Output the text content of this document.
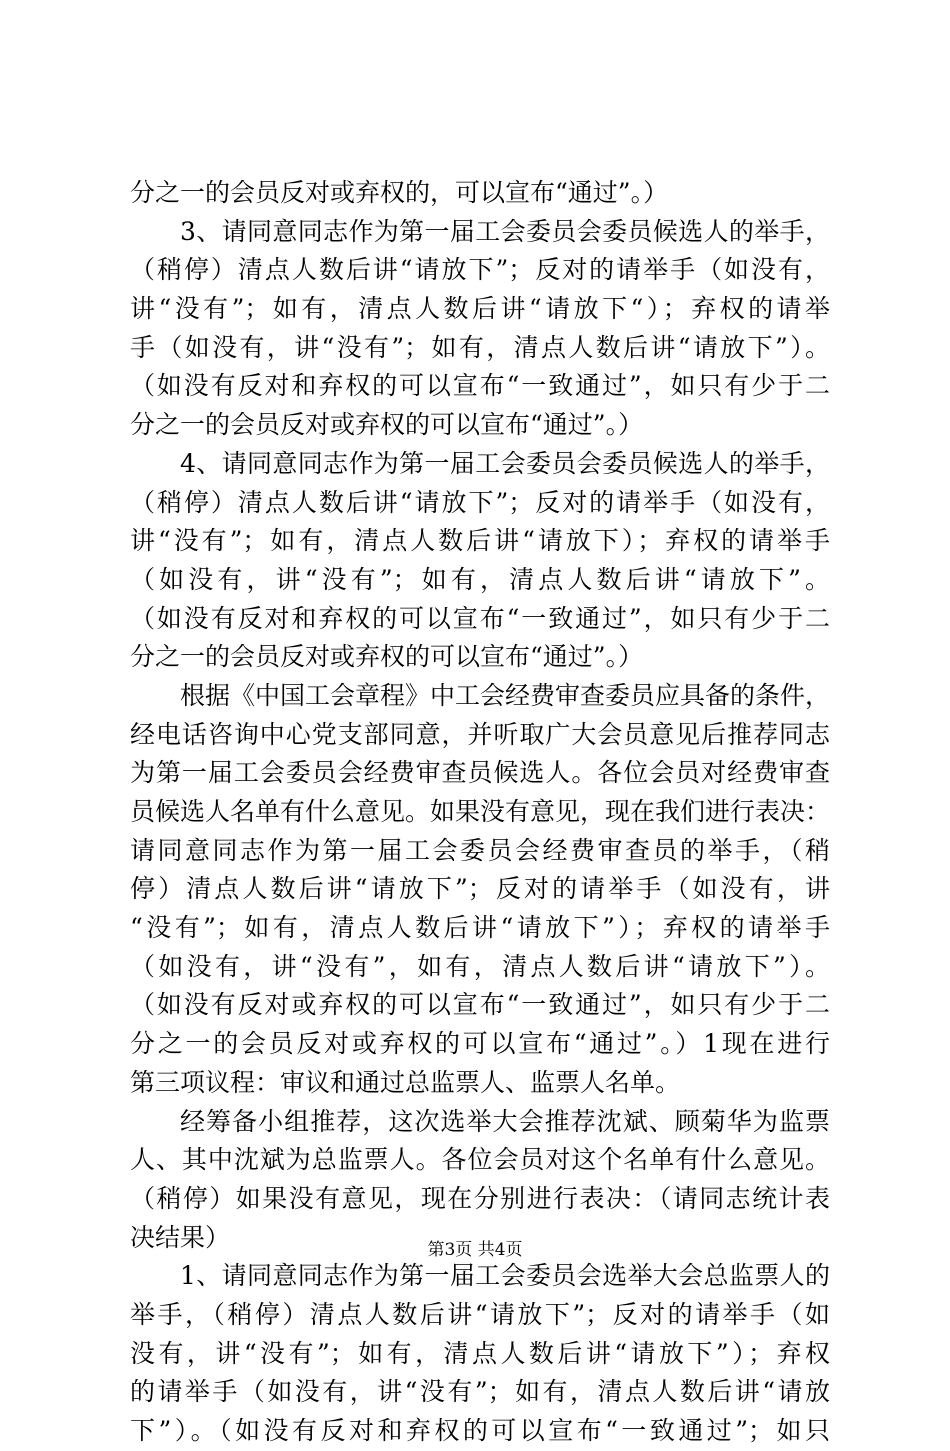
分之一的会员反对或弃权的，可以宣布“通过”。）
3、请同意同志作为第一届工会委员会委员候选人的举手，
（稍停）清点人数后讲“请放下”；反对的请举手（如没有，
讲“没有”；如有，清点人数后讲“请放下“）；弃权的请举
手（如没有，讲“没有”；如有，清点人数后讲“请放下”）。
（如没有反对和弃权的可以宣布“一致通过”，如只有少于二
分之一的会员反对或弃权的可以宣布“通过”。）
4、请同意同志作为第一届工会委员会委员候选人的举手，
（稍停）清点人数后讲“请放下”；反对的请举手（如没有，
讲“没有”；如有，清点人数后讲“请放下）；弃权的请举手
（如没有，讲“没有”；如有，清点人数后讲“请放下”。
（如没有反对和弃权的可以宣布“一致通过”，如只有少于二
分之一的会员反对或弃权的可以宣布“通过”。）
根据《中国工会章程》中工会经费审查委员应具备的条件，
经电话咨询中心党支部同意，并听取广大会员意见后推荐同志
为第一届工会委员会经费审查员候选人。各位会员对经费审查
员候选人名单有什么意见。如果没有意见，现在我们进行表决：
请同意同志作为第一届工会委员会经费审查员的举手，（稍
停）清点人数后讲“请放下”；反对的请举手（如没有，讲
“没有”；如有，清点人数后讲“请放下”）；弃权的请举手
（如没有，讲“没有”，如有，清点人数后讲“请放下”）。
（如没有反对或弃权的可以宣布“一致通过”，如只有少于二
分之一的会员反对或弃权的可以宣布“通过”。）1现在进行
第三项议程：审议和通过总监票人、监票人名单。
经筹备小组推荐，这次选举大会推荐沈斌、顾菊华为监票
人、其中沈斌为总监票人。各位会员对这个名单有什么意见。
（稍停）如果没有意见，现在分别进行表决：（请同志统计表
决结果）
1、请同意同志作为第一届工会委员会选举大会总监票人的
举手，（稍停）清点人数后讲“请放下”；反对的请举手（如
没有，讲“没有”；如有，清点人数后讲“请放下”）；弃权
的请举手（如没有，讲“没有”；如有，清点人数后讲“请放
下”）。（如没有反对和弃权的可以宣布“一致通过”；如只
第3页 共4页
